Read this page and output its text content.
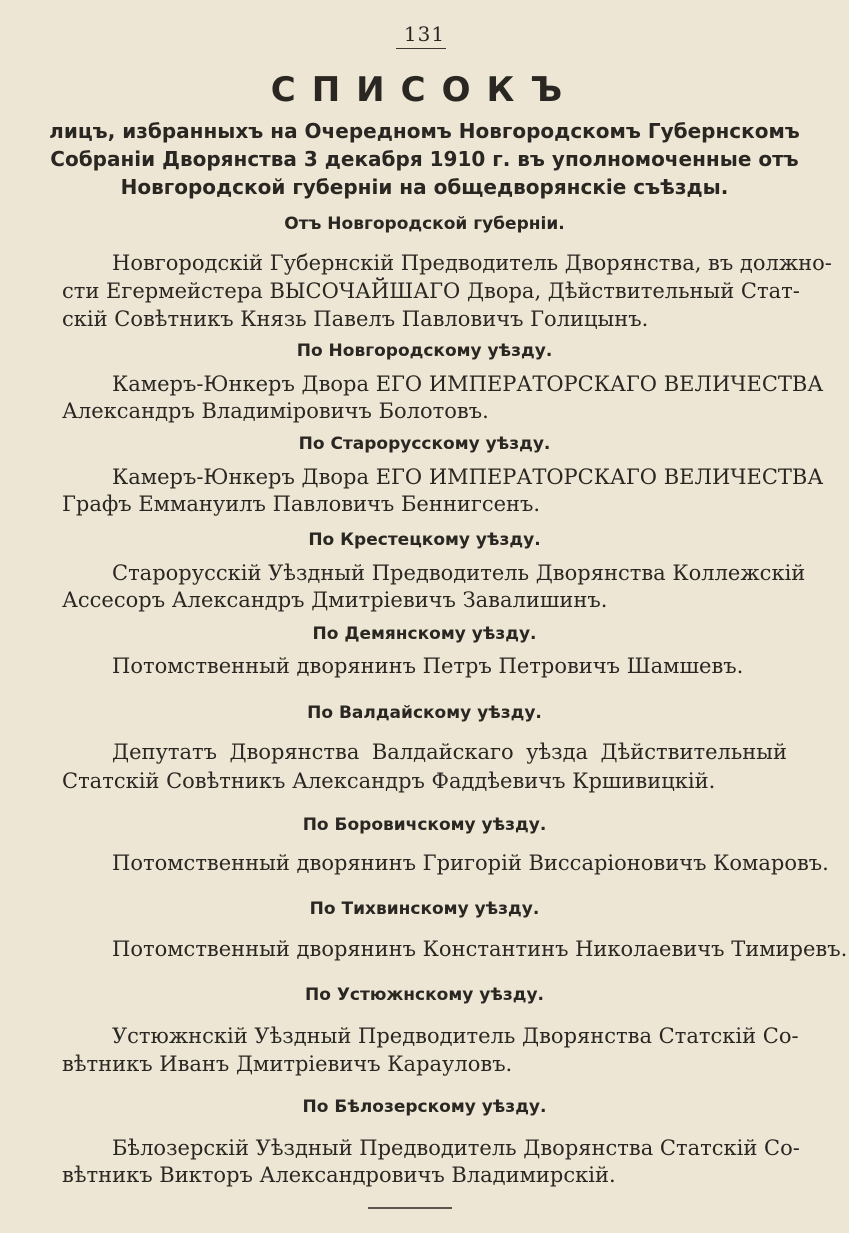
131
СПИСОКЪ
лицъ, избранныхъ на Очередномъ Новгородскомъ Губернскомъ
Собраніи Дворянства 3 декабря 1910 г. въ уполномоченные отъ
Новгородской губерніи на общедворянскіе съѣзды.
Отъ Новгородской губерніи.
Новгородскій Губернскій Предводитель Дворянства, въ должно-
сти Егермейстера ВЫСОЧАЙШАГО Двора, Дѣйствительный Стат-
скій Совѣтникъ Князь Павелъ Павловичъ Голицынъ.
По Новгородскому уѣзду.
Камеръ-Юнкеръ Двора ЕГО ИМПЕРАТОРСКАГО ВЕЛИЧЕСТВА
Александръ Владиміровичъ Болотовъ.
По Старорусскому уѣзду.
Камеръ-Юнкеръ Двора ЕГО ИМПЕРАТОРСКАГО ВЕЛИЧЕСТВА
Графъ Еммануилъ Павловичъ Беннигсенъ.
По Крестецкому уѣзду.
Старорусскій Уѣздный Предводитель Дворянства Коллежскій
Ассесоръ Александръ Дмитріевичъ Завалишинъ.
По Демянскому уѣзду.
Потомственный дворянинъ Петръ Петровичъ Шамшевъ.
По Валдайскому уѣзду.
Депутатъ Дворянства Валдайскаго уѣзда Дѣйствительный
Статскій Совѣтникъ Александръ Фаддѣевичъ Кршивицкій.
По Боровичскому уѣзду.
Потомственный дворянинъ Григорій Виссаріоновичъ Комаровъ.
По Тихвинскому уѣзду.
Потомственный дворянинъ Константинъ Николаевичъ Тимиревъ.
По Устюжнскому уѣзду.
Устюжнскій Уѣздный Предводитель Дворянства Статскій Со-
вѣтникъ Иванъ Дмитріевичъ Карауловъ.
По Бѣлозерскому уѣзду.
Бѣлозерскій Уѣздный Предводитель Дворянства Статскій Со-
вѣтникъ Викторъ Александровичъ Владимирскій.
